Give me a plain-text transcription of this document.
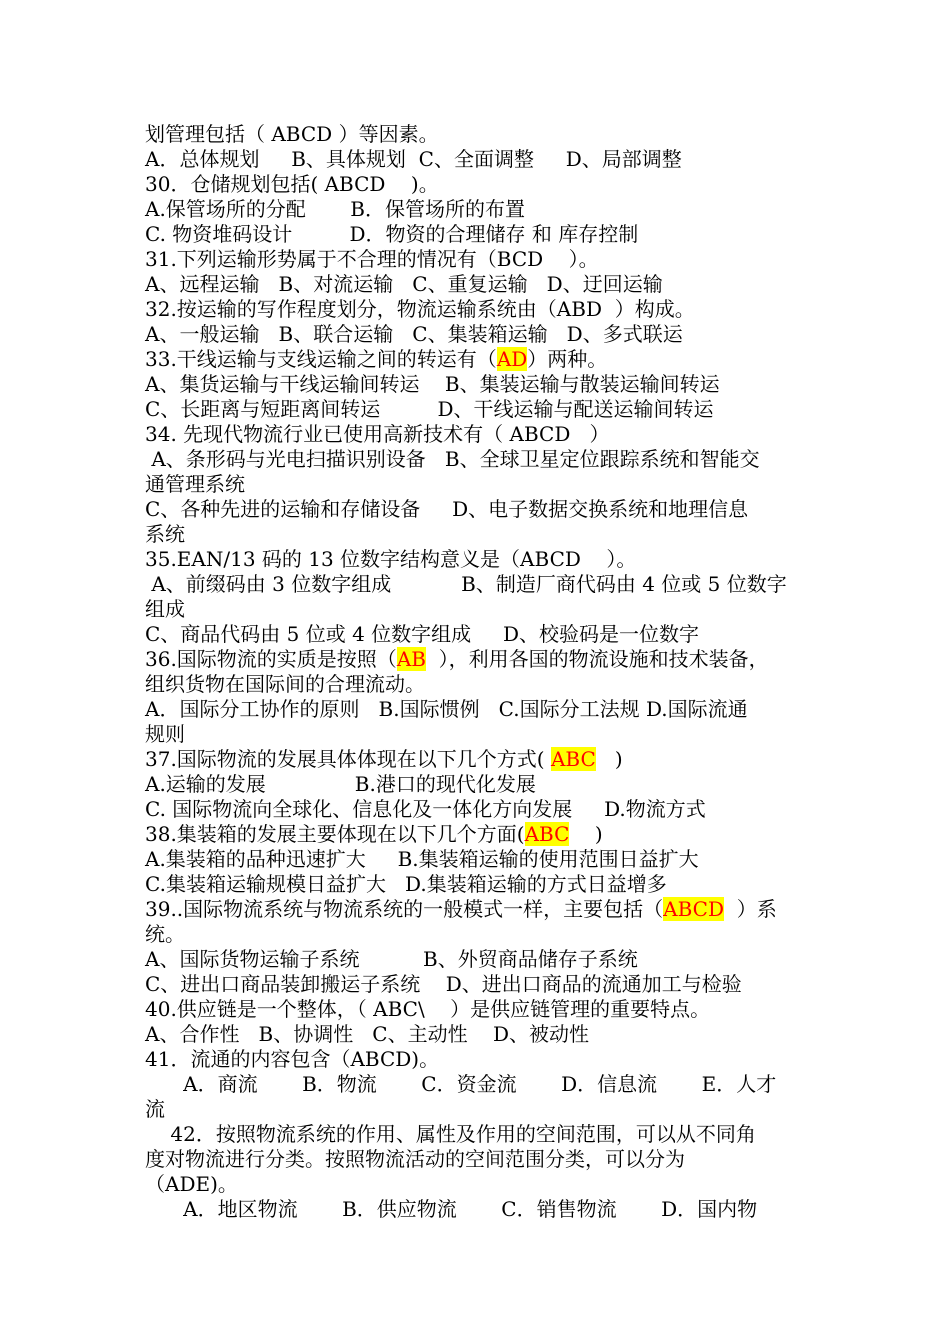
划管理包括（ ABCD ）等因素。
A．总体规划     B、具体规划  C、全面调整     D、局部调整
30．仓储规划包括( ABCD    )。
A.保管场所的分配       B．保管场所的布置
C. 物资堆码设计         D．物资的合理储存 和 库存控制
31.下列运输形势属于不合理的情况有（BCD    ）。
A、远程运输   B、对流运输   C、重复运输   D、迂回运输
32.按运输的写作程度划分，物流运输系统由（ABD  ）构成。
A、一般运输   B、联合运输   C、集装箱运输   D、多式联运
33.干线运输与支线运输之间的转运有（AD）两种。
A、集货运输与干线运输间转运    B、集装运输与散装运输间转运
C、长距离与短距离间转运         D、干线运输与配送运输间转运
34. 先现代物流行业已使用高新技术有（ ABCD   ）
A、条形码与光电扫描识别设备   B、全球卫星定位跟踪系统和智能交
通管理系统
C、各种先进的运输和存储设备     D、电子数据交换系统和地理信息
系统
35.EAN/13 码的 13 位数字结构意义是（ABCD    ）。
A、前缀码由 3 位数字组成           B、制造厂商代码由 4 位或 5 位数字
组成
C、商品代码由 5 位或 4 位数字组成     D、校验码是一位数字
36.国际物流的实质是按照（AB  ），利用各国的物流设施和技术装备，
组织货物在国际间的合理流动。
A．国际分工协作的原则   B.国际惯例   C.国际分工法规 D.国际流通
规则
37.国际物流的发展具体体现在以下几个方式( ABC   )
A.运输的发展              B.港口的现代化发展
C. 国际物流向全球化、信息化及一体化方向发展     D.物流方式
38.集装箱的发展主要体现在以下几个方面(ABC    )
A.集装箱的品种迅速扩大     B.集装箱运输的使用范围日益扩大
C.集装箱运输规模日益扩大   D.集装箱运输的方式日益增多
39..国际物流系统与物流系统的一般模式一样，主要包括（ABCD  ）系
统。
A、国际货物运输子系统          B、外贸商品储存子系统
C、进出口商品装卸搬运子系统    D、进出口商品的流通加工与检验
40.供应链是一个整体，（ ABC\    ）是供应链管理的重要特点。
A、合作性   B、协调性   C、主动性    D、被动性
41．流通的内容包含（ABCD)。
A．商流       B．物流       C．资金流       D．信息流       E．人才
流
42．按照物流系统的作用、属性及作用的空间范围，可以从不同角
度对物流进行分类。按照物流活动的空间范围分类，可以分为
（ADE)。
A．地区物流       B．供应物流       C．销售物流       D．国内物
